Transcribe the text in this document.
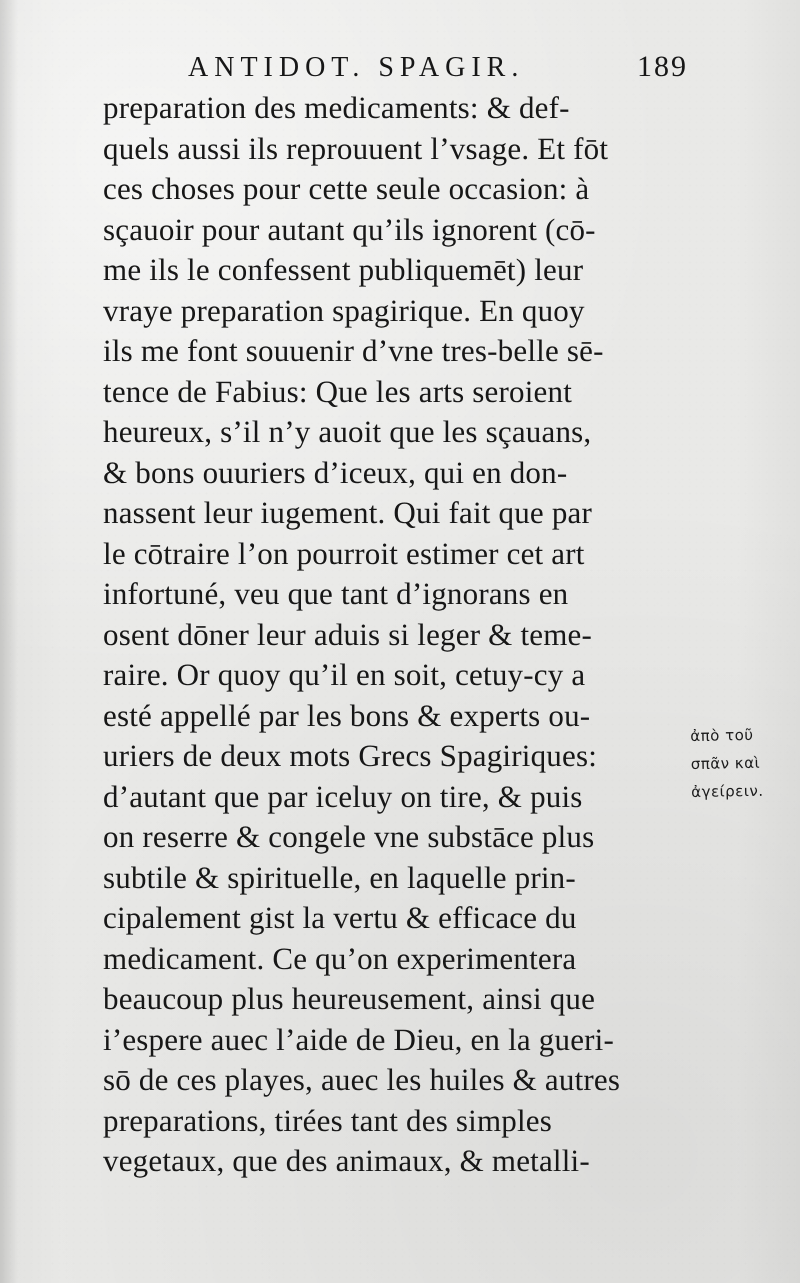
ANTIDOT. SPAGIR.	189
preparation des medicaments: & def-
quels aussi ils reprouuent l’vsage. Et fōt
ces choses pour cette seule occasion: à
sçauoir pour autant qu’ils ignorent (cō-
me ils le confessent publiquemēt) leur
vraye preparation spagirique. En quoy
ils me font souuenir d’vne tres-belle sē-
tence de Fabius: Que les arts seroient
heureux, s’il n’y auoit que les sçauans,
& bons ouuriers d’iceux, qui en don-
nassent leur iugement. Qui fait que par
le cōtraire l’on pourroit estimer cet art
infortuné, veu que tant d’ignorans en
osent dōner leur aduis si leger & teme-
raire. Or quoy qu’il en soit, cetuy-cy a
esté appellé par les bons & experts ou-
uriers de deux mots Grecs Spagiriques:
d’autant que par iceluy on tire, & puis
on reserre & congele vne substāce plus
subtile & spirituelle, en laquelle prin-
cipalement gist la vertu & efficace du
medicament. Ce qu’on experimentera
beaucoup plus heureusement, ainsi que
i’espere auec l’aide de Dieu, en la gueri-
sō de ces playes, auec les huiles & autres
preparations, tirées tant des simples
vegetaux, que des animaux, & metalli-
ἀπὸ τοῦ
σπᾶν καὶ
ἀγείρειν.
